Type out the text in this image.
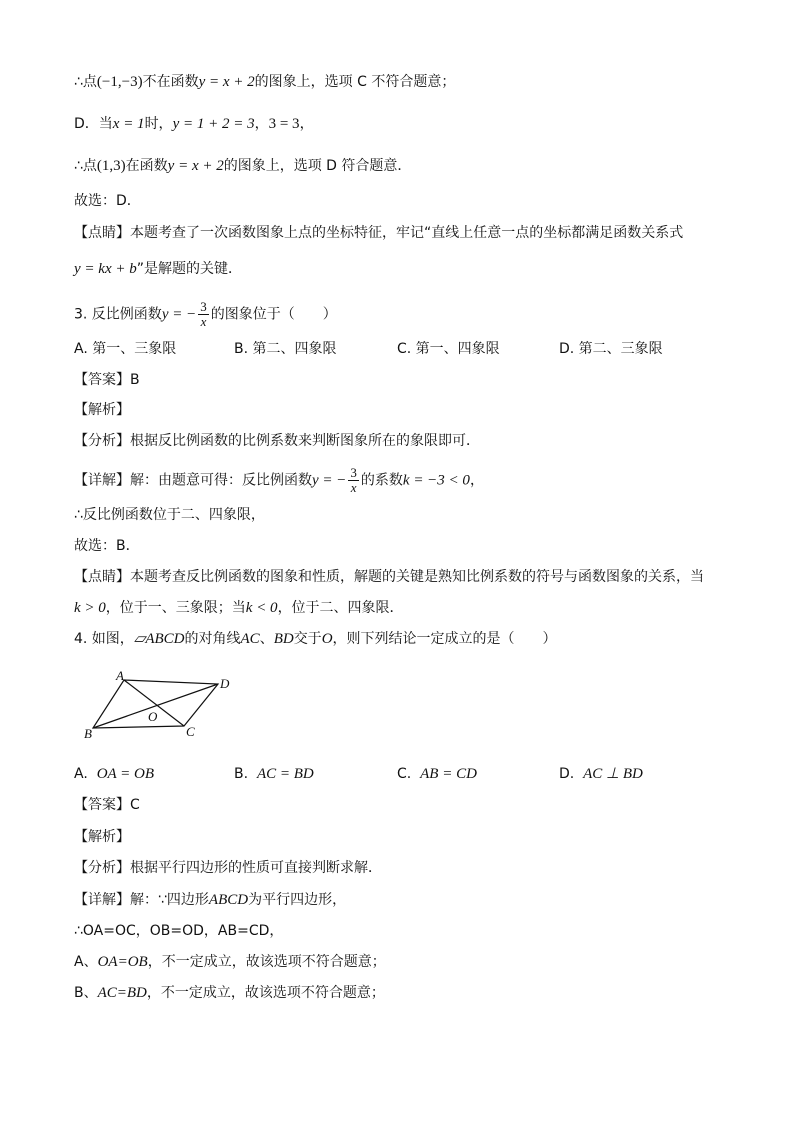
∴点(−1,−3)不在函数y = x + 2的图象上，选项 C 不符合题意；
D．当x = 1时，y = 1 + 2 = 3，3 = 3，
∴点(1,3)在函数y = x + 2的图象上，选项 D 符合题意．
故选：D．
【点睛】本题考查了一次函数图象上点的坐标特征，牢记“直线上任意一点的坐标都满足函数关系式
y = kx + b”是解题的关键．
3. 反比例函数y = − $\frac{3}{x}$ 的图象位于（　　）
A. 第一、三象限	B. 第二、四象限	C. 第一、四象限	D. 第二、三象限
【答案】B
【解析】
【分析】根据反比例函数的比例系数来判断图象所在的象限即可．
【详解】解：由题意可得：反比例函数y = − $\frac{3}{x}$ 的系数k = −3 < 0，
∴反比例函数位于二、四象限，
故选：B．
【点睛】本题考查反比例函数的图象和性质，解题的关键是熟知比例系数的符号与函数图象的关系，当
k > 0，位于一、三象限；当k < 0，位于二、四象限．
4. 如图，▱ABCD的对角线AC、BD交于O，则下列结论一定成立的是（　　）
A
D
O
B	C
A. OA = OB	B. AC = BD	C. AB = CD	D. AC ⊥ BD
【答案】C
【解析】
【分析】根据平行四边形的性质可直接判断求解．
【详解】解：∵四边形ABCD为平行四边形，
∴OA=OC，OB=OD，AB=CD，
A、OA=OB，不一定成立，故该选项不符合题意；
B、AC=BD，不一定成立，故该选项不符合题意；
